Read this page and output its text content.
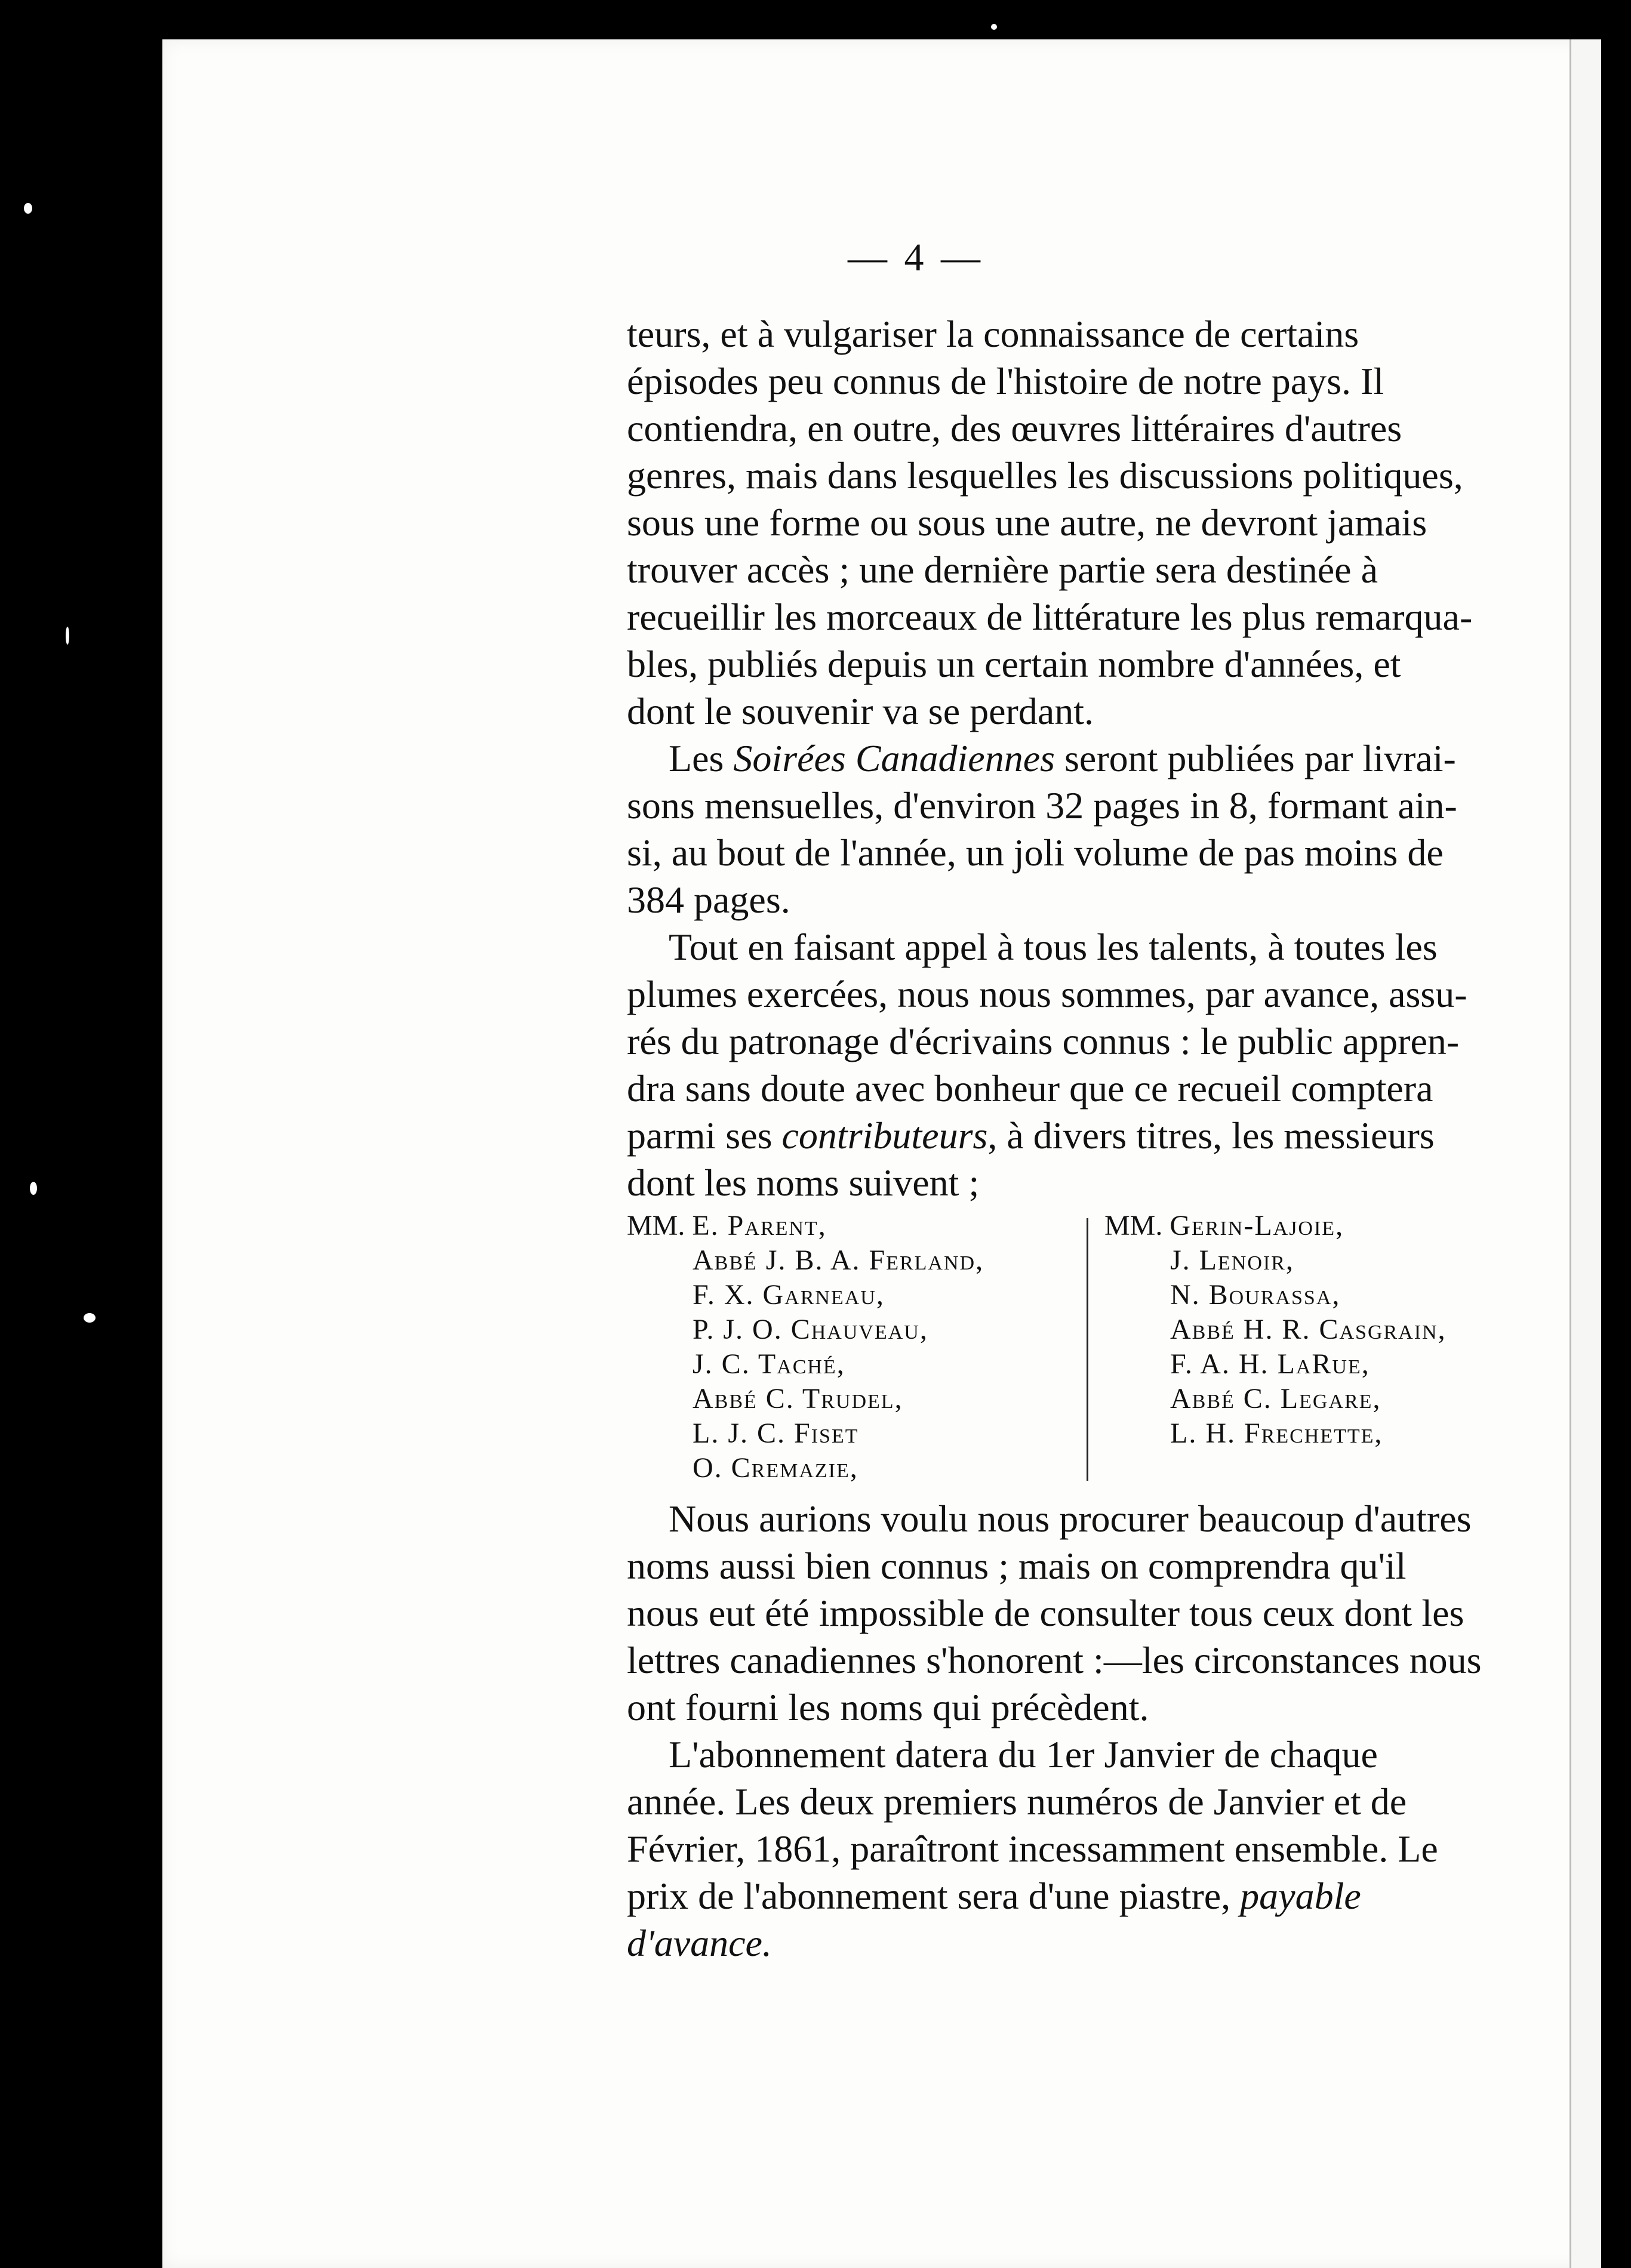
— 4 —
teurs, et à vulgariser la connaissance de certains
épisodes peu connus de l'histoire de notre pays. Il
contiendra, en outre, des œuvres littéraires d'autres
genres, mais dans lesquelles les discussions politiques,
sous une forme ou sous une autre, ne devront jamais
trouver accès ; une dernière partie sera destinée à
recueillir les morceaux de littérature les plus remarqua-
bles, publiés depuis un certain nombre d'années, et
dont le souvenir va se perdant.
Les Soirées Canadiennes seront publiées par livrai-
sons mensuelles, d'environ 32 pages in 8, formant ain-
si, au bout de l'année, un joli volume de pas moins de
384 pages.
Tout en faisant appel à tous les talents, à toutes les
plumes exercées, nous nous sommes, par avance, assu-
rés du patronage d'écrivains connus : le public appren-
dra sans doute avec bonheur que ce recueil comptera
parmi ses contributeurs, à divers titres, les messieurs
dont les noms suivent ;
MM. E. Parent,
Abbé J. B. A. Ferland,
F. X. Garneau,
P. J. O. Chauveau,
J. C. Taché,
Abbé C. Trudel,
L. J. C. Fiset
O. Cremazie,
MM. Gerin-Lajoie,
J. Lenoir,
N. Bourassa,
Abbé H. R. Casgrain,
F. A. H. LaRue,
Abbé C. Legare,
L. H. Frechette,
Nous aurions voulu nous procurer beaucoup d'autres
noms aussi bien connus ; mais on comprendra qu'il
nous eut été impossible de consulter tous ceux dont les
lettres canadiennes s'honorent :—les circonstances nous
ont fourni les noms qui précèdent.
L'abonnement datera du 1er Janvier de chaque
année. Les deux premiers numéros de Janvier et de
Février, 1861, paraîtront incessamment ensemble. Le
prix de l'abonnement sera d'une piastre, payable
d'avance.
